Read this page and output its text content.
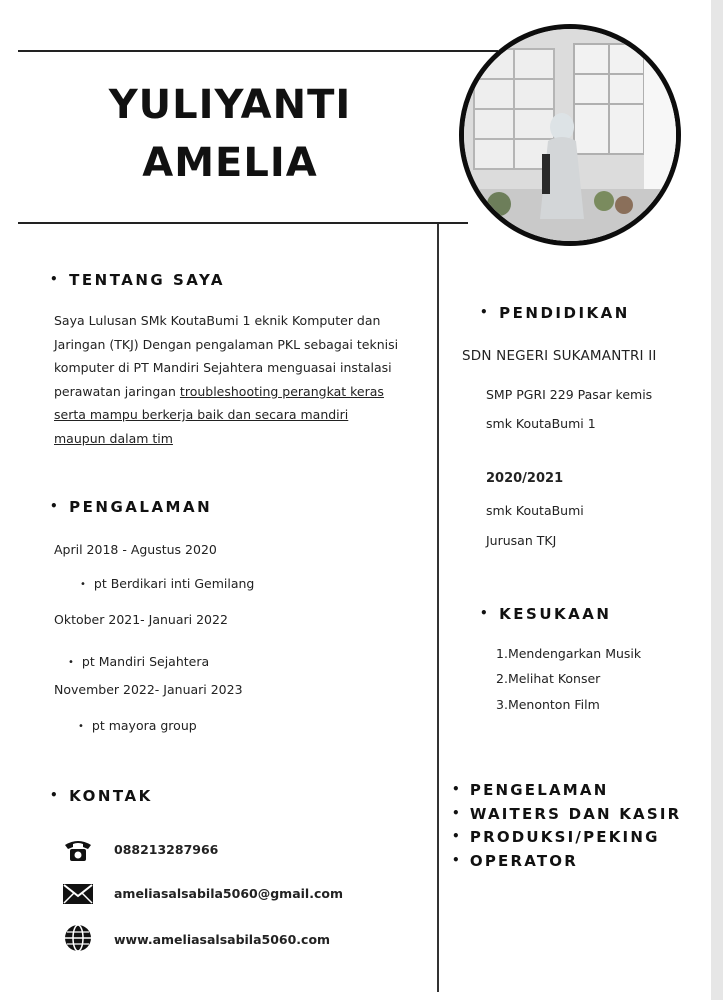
YULIYANTI
AMELIA
• TENTANG SAYA
Saya Lulusan SMk KoutaBumi 1 eknik Komputer dan
Jaringan (TKJ) Dengan pengalaman PKL sebagai teknisi
komputer di PT Mandiri Sejahtera menguasai instalasi
perawatan jaringan troubleshooting perangkat keras
serta mampu berkerja baik dan secara mandiri
maupun dalam tim
• PENGALAMAN
April 2018 - Agustus 2020
• pt Berdikari inti Gemilang
Oktober 2021- Januari 2022
• pt Mandiri Sejahtera
November 2022- Januari 2023
• pt mayora group
• KONTAK
088213287966
ameliasalsabila5060@gmail.com
www.ameliasalsabila5060.com
• PENDIDIKAN
SDN NEGERI SUKAMANTRI II
SMP PGRI 229 Pasar kemis
smk KoutaBumi 1
2020/2021
smk KoutaBumi
Jurusan TKJ
• KESUKAAN
1.Mendengarkan Musik
2.Melihat Konser
3.Menonton Film
• PENGELAMAN
• WAITERS DAN KASIR
• PRODUKSI/PEKING
• OPERATOR
